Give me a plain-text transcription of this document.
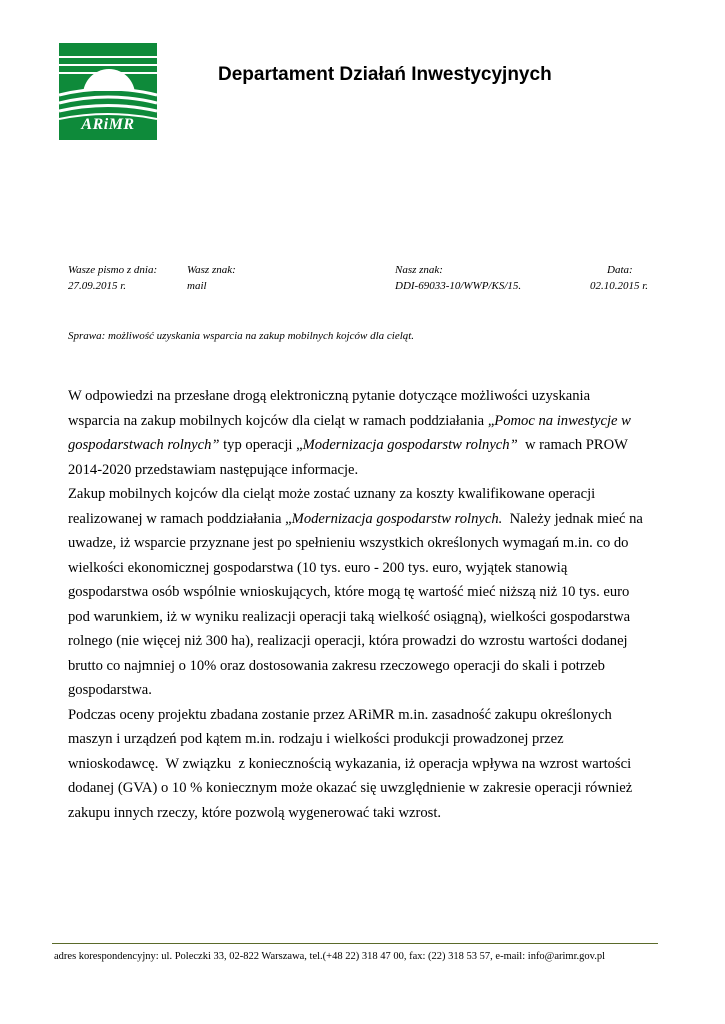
ARiMR
Departament Działań Inwestycyjnych
Wasze pismo z dnia:
27.09.2015 r.
Wasz znak:
mail
Nasz znak:
DDI-69033-10/WWP/KS/15.
Data:
02.10.2015 r.
Sprawa: możliwość uzyskania wsparcia na zakup mobilnych kojców dla cieląt.

W odpowiedzi na przesłane drogą elektroniczną pytanie dotyczące możliwości uzyskania
wsparcia na zakup mobilnych kojców dla cieląt w ramach poddziałania „Pomoc na inwestycje w
gospodarstwach rolnych” typ operacji „Modernizacja gospodarstw rolnych”  w ramach PROW
2014-2020 przedstawiam następujące informacje.

Zakup mobilnych kojców dla cieląt może zostać uznany za koszty kwalifikowane operacji
realizowanej w ramach poddziałania „Modernizacja gospodarstw rolnych.  Należy jednak mieć na
uwadze, iż wsparcie przyznane jest po spełnieniu wszystkich określonych wymagań m.in. co do
wielkości ekonomicznej gospodarstwa (10 tys. euro - 200 tys. euro, wyjątek stanowią
gospodarstwa osób wspólnie wnioskujących, które mogą tę wartość mieć niższą niż 10 tys. euro
pod warunkiem, iż w wyniku realizacji operacji taką wielkość osiągną), wielkości gospodarstwa
rolnego (nie więcej niż 300 ha), realizacji operacji, która prowadzi do wzrostu wartości dodanej
brutto co najmniej o 10% oraz dostosowania zakresu rzeczowego operacji do skali i potrzeb
gospodarstwa.

Podczas oceny projektu zbadana zostanie przez ARiMR m.in. zasadność zakupu określonych
maszyn i urządzeń pod kątem m.in. rodzaju i wielkości produkcji prowadzonej przez
wnioskodawcę.  W związku  z koniecznością wykazania, iż operacja wpływa na wzrost wartości
dodanej (GVA) o 10 % koniecznym może okazać się uwzględnienie w zakresie operacji również
zakupu innych rzeczy, które pozwolą wygenerować taki wzrost.

adres korespondencyjny: ul. Poleczki 33, 02-822 Warszawa, tel.(+48 22) 318 47 00, fax: (22) 318 53 57, e-mail: info@arimr.gov.pl
